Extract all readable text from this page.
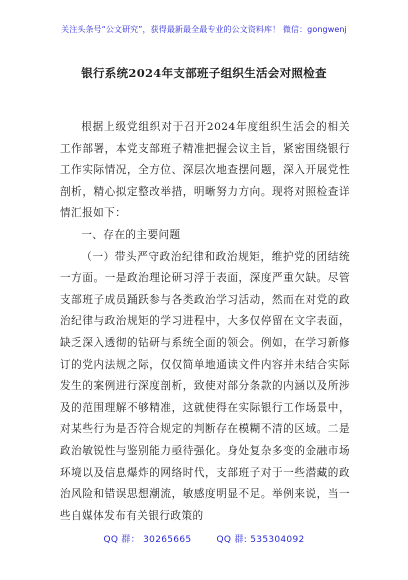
关注头条号“公文研究”，获得最新最全最专业的公文资料库！ 微信：gongwenj
银行系统2024年支部班子组织生活会对照检查

根据上级党组织对于召开2024年度组织生活会的相关工作部署，本党支部班子精准把握会议主旨，紧密围绕银行工作实际情况，全方位、深层次地查摆问题，深入开展党性剖析，精心拟定整改举措，明晰努力方向。现将对照检查详情汇报如下：

一、存在的主要问题

（一）带头严守政治纪律和政治规矩，维护党的团结统一方面。一是政治理论研习浮于表面，深度严重欠缺。尽管支部班子成员踊跃参与各类政治学习活动，然而在对党的政治纪律与政治规矩的学习进程中，大多仅停留在文字表面，缺乏深入透彻的钻研与系统全面的领会。例如，在学习新修订的党内法规之际，仅仅简单地通读文件内容并未结合实际发生的案例进行深度剖析，致使对部分条款的内涵以及所涉及的范围理解不够精准，这就使得在实际银行工作场景中，对某些行为是否符合规定的判断存在模糊不清的区域。二是政治敏锐性与鉴别能力亟待强化。身处复杂多变的金融市场环境以及信息爆炸的网络时代，支部班子对于一些潜藏的政治风险和错误思想潮流，敏感度明显不足。举例来说，当一些自媒体发布有关银行政策的

QQ 群： 30265665	QQ 群: 535304092
